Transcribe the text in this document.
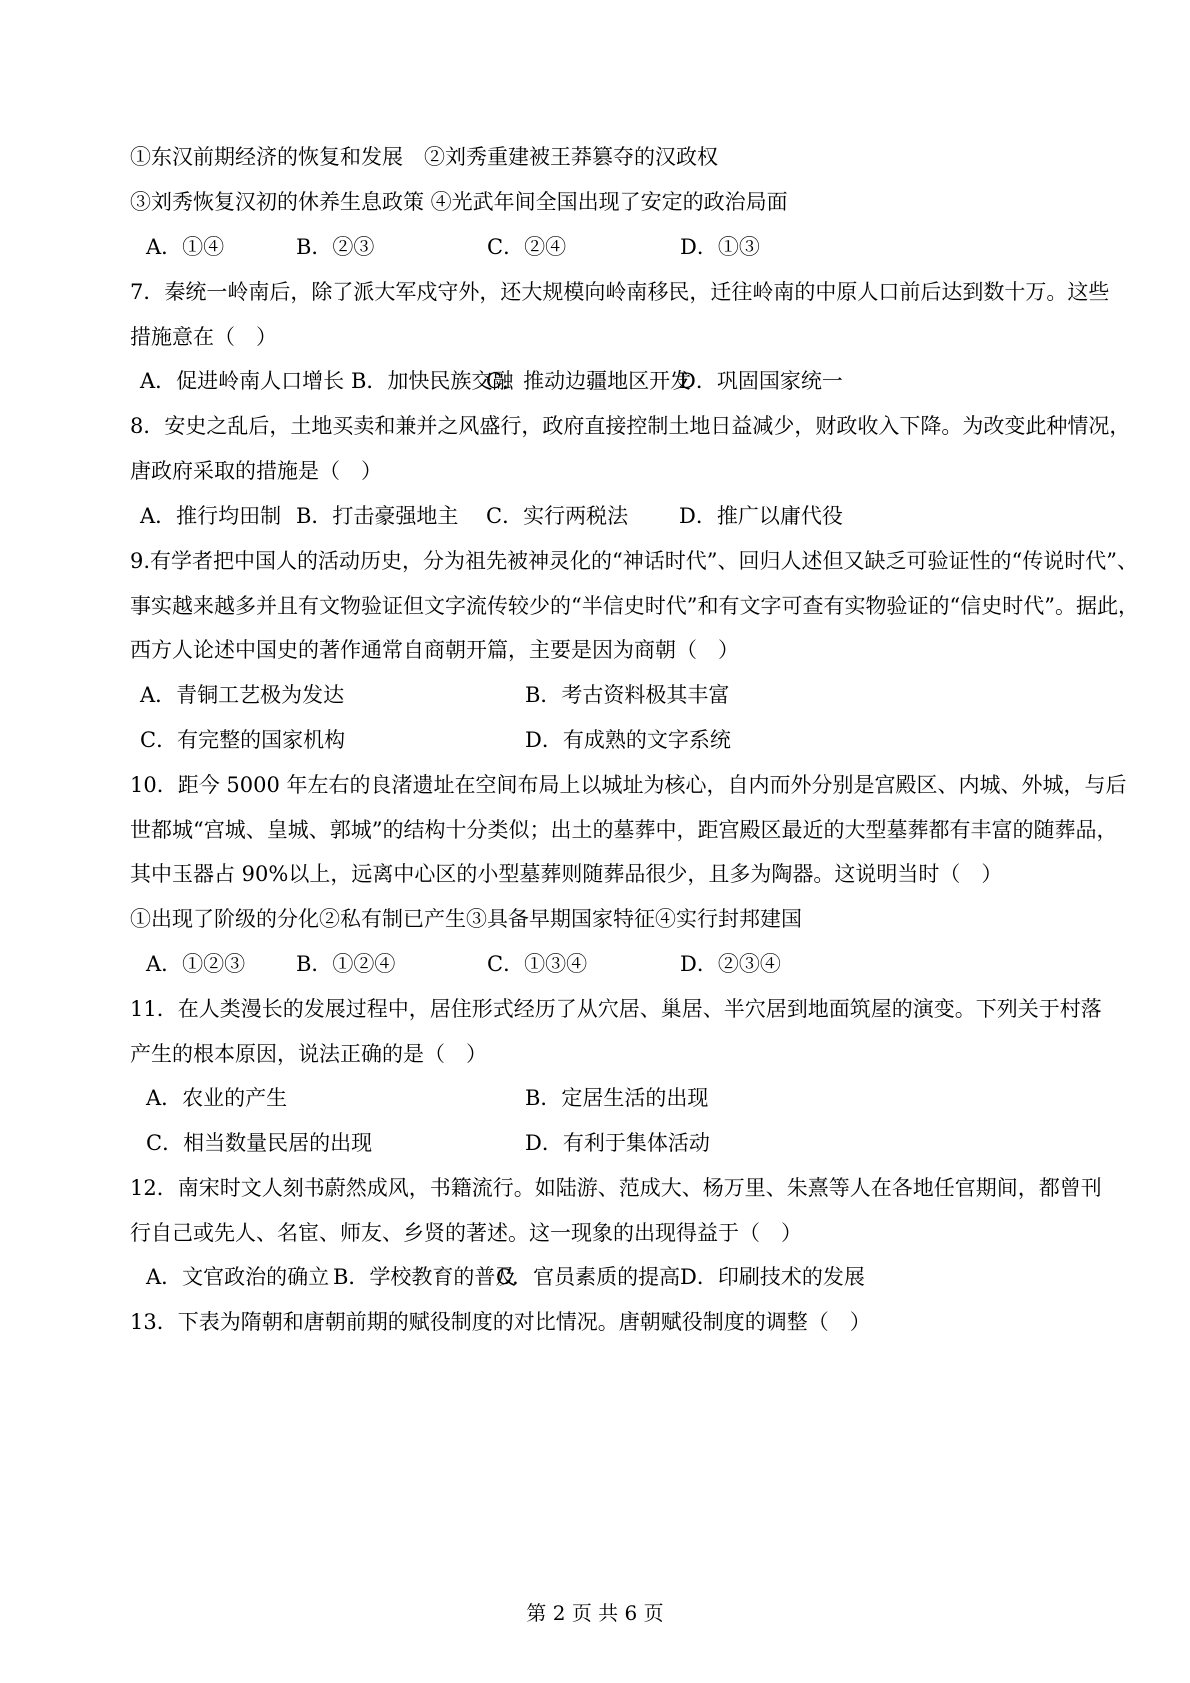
①东汉前期经济的恢复和发展　②刘秀重建被王莽篡夺的汉政权
③刘秀恢复汉初的休养生息政策 ④光武年间全国出现了安定的政治局面
A．①④	B．②③	C．②④	D．①③
7．秦统一岭南后，除了派大军戍守外，还大规模向岭南移民，迁往岭南的中原人口前后达到数十万。这些
措施意在（　）
A．促进岭南人口增长 B．加快民族交融
C．推动边疆地区开发
D．巩固国家统一
8．安史之乱后，土地买卖和兼并之风盛行，政府直接控制土地日益减少，财政收入下降。为改变此种情况，
唐政府采取的措施是（　）
A．推行均田制 B．打击豪强地主 C．实行两税法 D．推广以庸代役
9.有学者把中国人的活动历史，分为祖先被神灵化的“神话时代”、回归人述但又缺乏可验证性的“传说时代”、
事实越来越多并且有文物验证但文字流传较少的“半信史时代”和有文字可查有实物验证的“信史时代”。据此，
西方人论述中国史的著作通常自商朝开篇，主要是因为商朝（　）
A．青铜工艺极为发达	B．考古资料极其丰富
C．有完整的国家机构	D．有成熟的文字系统
10．距今 5000 年左右的良渚遗址在空间布局上以城址为核心，自内而外分别是宫殿区、内城、外城，与后
世都城“宫城、皇城、郭城”的结构十分类似；出土的墓葬中，距宫殿区最近的大型墓葬都有丰富的随葬品，
其中玉器占 90%以上，远离中心区的小型墓葬则随葬品很少，且多为陶器。这说明当时（　）
①出现了阶级的分化②私有制已产生③具备早期国家特征④实行封邦建国
A．①②③ B．①②④	C．①③④	D．②③④
11．在人类漫长的发展过程中，居住形式经历了从穴居、巢居、半穴居到地面筑屋的演变。下列关于村落
产生的根本原因，说法正确的是（　）
A．农业的产生	B．定居生活的出现
C．相当数量民居的出现	D．有利于集体活动
12．南宋时文人刻书蔚然成风，书籍流行。如陆游、范成大、杨万里、朱熹等人在各地任官期间，都曾刊
行自己或先人、名宦、师友、乡贤的著述。这一现象的出现得益于（　）
A．文官政治的确立 B．学校教育的普及
C．官员素质的提高 D．印刷技术的发展
13．下表为隋朝和唐朝前期的赋役制度的对比情况。唐朝赋役制度的调整（　）
第 2 页 共 6 页
